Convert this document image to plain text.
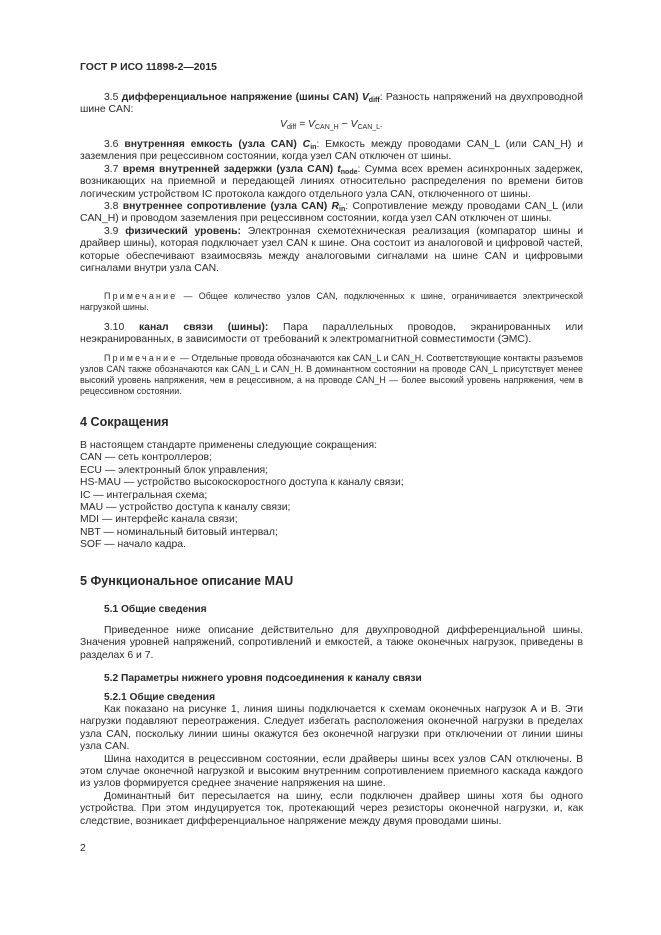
ГОСТ Р ИСО 11898-2—2015

3.5 дифференциальное напряжение (шины CAN) $V_{diff}$: Разность напряжений на двухпроводной шине CAN:

$V_{diff} = V_{CAN\_H} - V_{CAN\_L}$.

3.6 внутренняя емкость (узла CAN) $C_{in}$: Емкость между проводами CAN_L (или CAN_H) и заземления при рецессивном состоянии, когда узел CAN отключен от шины.

3.7 время внутренней задержки (узла CAN) $t_{node}$: Сумма всех времен асинхронных задержек, возникающих на приемной и передающей линиях относительно распределения по времени битов логическим устройством IC протокола каждого отдельного узла CAN, отключенного от шины.

3.8 внутреннее сопротивление (узла CAN) $R_{in}$: Сопротивление между проводами CAN_L (или CAN_H) и проводом заземления при рецессивном состоянии, когда узел CAN отключен от шины.

3.9 физический уровень: Электронная схемотехническая реализация (компаратор шины и драйвер шины), которая подключает узел CAN к шине. Она состоит из аналоговой и цифровой частей, которые обеспечивают взаимосвязь между аналоговыми сигналами на шине CAN и цифровыми сигналами внутри узла CAN.

Примечание — Общее количество узлов CAN, подключенных к шине, ограничивается электрической нагрузкой шины.

3.10 канал связи (шины): Пара параллельных проводов, экранированных или неэкранированных, в зависимости от требований к электромагнитной совместимости (ЭМС).

Примечание — Отдельные провода обозначаются как CAN_L и CAN_H. Соответствующие контакты разъемов узлов CAN также обозначаются как CAN_L и CAN_H. В доминантном состоянии на проводе CAN_L присутствует менее высокий уровень напряжения, чем в рецессивном, а на проводе CAN_H — более высокий уровень напряжения, чем в рецессивном состоянии.

4 Сокращения
В настоящем стандарте применены следующие сокращения:
CAN — сеть контроллеров;
ECU — электронный блок управления;
HS-MAU — устройство высокоскоростного доступа к каналу связи;
IC — интегральная схема;
MAU — устройство доступа к каналу связи;
MDI — интерфейс канала связи;
NBT — номинальный битовый интервал;
SOF — начало кадра.
5 Функциональное описание MAU
5.1 Общие сведения

Приведенное ниже описание действительно для двухпроводной дифференциальной шины. Значения уровней напряжений, сопротивлений и емкостей, а также оконечных нагрузок, приведены в разделах 6 и 7.

5.2 Параметры нижнего уровня подсоединения к каналу связи
5.2.1 Общие сведения

Как показано на рисунке 1, линия шины подключается к схемам оконечных нагрузок A и B. Эти нагрузки подавляют переотражения. Следует избегать расположения оконечной нагрузки в пределах узла CAN, поскольку линии шины окажутся без оконечной нагрузки при отключении от линии шины узла CAN.

Шина находится в рецессивном состоянии, если драйверы шины всех узлов CAN отключены. В этом случае оконечной нагрузкой и высоким внутренним сопротивлением приемного каскада каждого из узлов формируется среднее значение напряжения на шине.

Доминантный бит пересылается на шину, если подключен драйвер шины хотя бы одного устройства. При этом индуцируется ток, протекающий через резисторы оконечной нагрузки, и, как следствие, возникает дифференциальное напряжение между двумя проводами шины.

2
